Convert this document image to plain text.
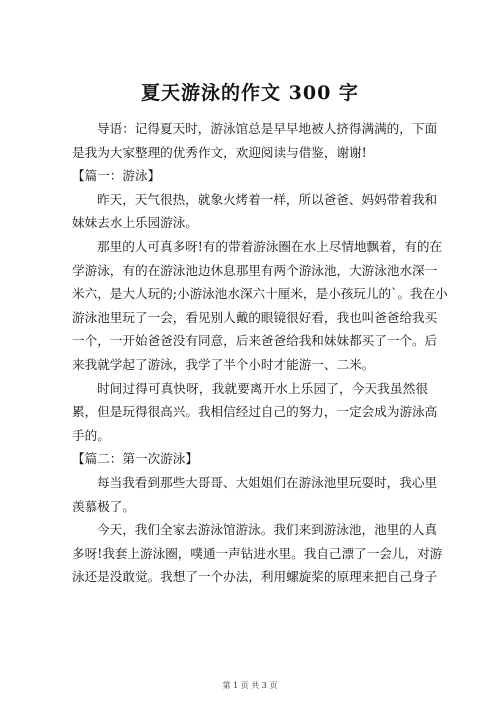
夏天游泳的作文 300 字
导语：记得夏天时，游泳馆总是早早地被人挤得满满的，下面
是我为大家整理的优秀作文，欢迎阅读与借鉴，谢谢!
【篇一：游泳】
昨天，天气很热，就象火烤着一样，所以爸爸、妈妈带着我和
妹妹去水上乐园游泳。
那里的人可真多呀!有的带着游泳圈在水上尽情地飘着，有的在
学游泳，有的在游泳池边休息那里有两个游泳池，大游泳池水深一
米六，是大人玩的;小游泳池水深六十厘米，是小孩玩儿的`。我在小
游泳池里玩了一会，看见别人戴的眼镜很好看，我也叫爸爸给我买
一个，一开始爸爸没有同意，后来爸爸给我和妹妹都买了一个。后
来我就学起了游泳，我学了半个小时才能游一、二米。
时间过得可真快呀，我就要离开水上乐园了，今天我虽然很
累，但是玩得很高兴。我相信经过自己的努力，一定会成为游泳高
手的。
【篇二：第一次游泳】
每当我看到那些大哥哥、大姐姐们在游泳池里玩耍时，我心里
羡慕极了。
今天，我们全家去游泳馆游泳。我们来到游泳池，池里的人真
多呀!我套上游泳圈，噗通一声钻进水里。我自己漂了一会儿，对游
泳还是没敢觉。我想了一个办法，利用螺旋桨的原理来把自己身子
第 1 页 共 3 页
